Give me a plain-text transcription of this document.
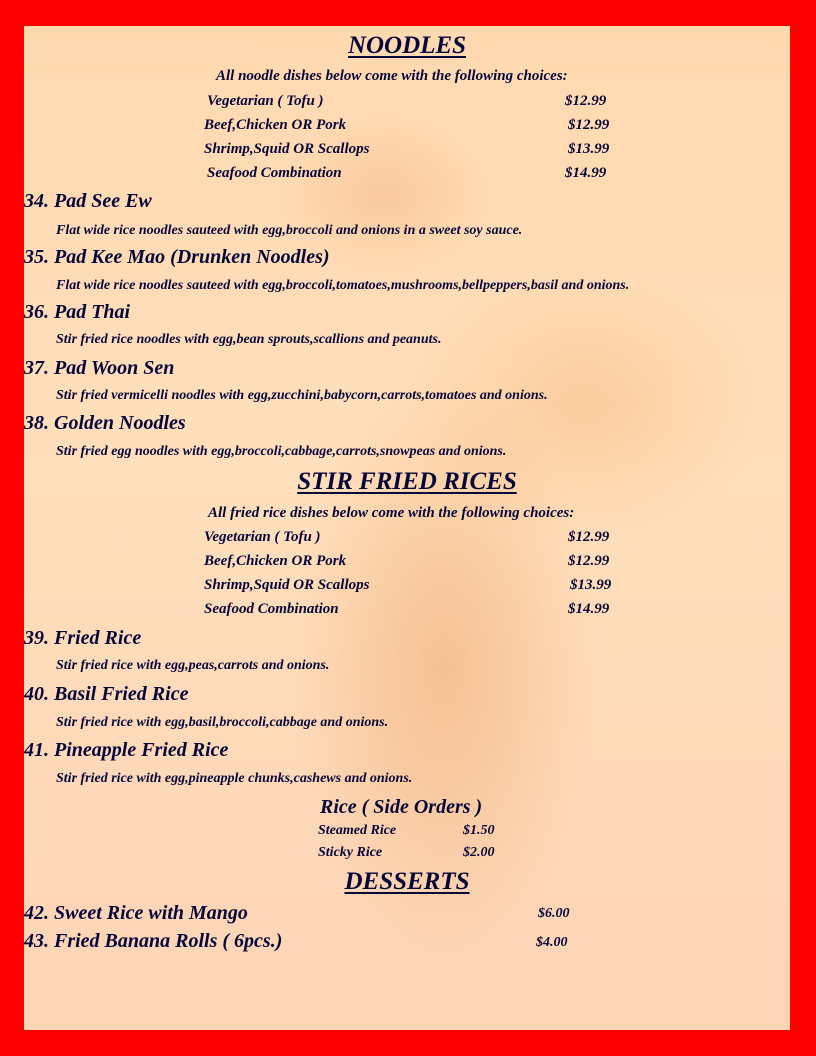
NOODLES
All noodle dishes below come with the following choices:
Vegetarian ( Tofu )	$12.99
Beef,Chicken OR Pork	$12.99
Shrimp,Squid OR Scallops	$13.99
Seafood Combination	$14.99
34. Pad See Ew
Flat wide rice noodles sauteed with egg,broccoli and onions in a sweet soy sauce.
35. Pad Kee Mao (Drunken Noodles)
Flat wide rice noodles sauteed with egg,broccoli,tomatoes,mushrooms,bellpeppers,basil and onions.
36. Pad Thai
Stir fried rice noodles with egg,bean sprouts,scallions and peanuts.
37. Pad Woon Sen
Stir fried vermicelli noodles with egg,zucchini,babycorn,carrots,tomatoes and onions.
38. Golden Noodles
Stir fried egg noodles with egg,broccoli,cabbage,carrots,snowpeas and onions.
STIR FRIED RICES
All fried rice dishes below come with the following choices:
Vegetarian ( Tofu )	$12.99
Beef,Chicken OR Pork	$12.99
Shrimp,Squid OR Scallops	$13.99
Seafood Combination	$14.99
39. Fried Rice
Stir fried rice with egg,peas,carrots and onions.
40. Basil Fried Rice
Stir fried rice with egg,basil,broccoli,cabbage and onions.
41. Pineapple Fried Rice
Stir fried rice with egg,pineapple chunks,cashews and onions.
Rice ( Side Orders )
Steamed Rice	$1.50
Sticky Rice	$2.00
DESSERTS
42. Sweet Rice with Mango	$6.00
43. Fried Banana Rolls ( 6pcs.)	$4.00
